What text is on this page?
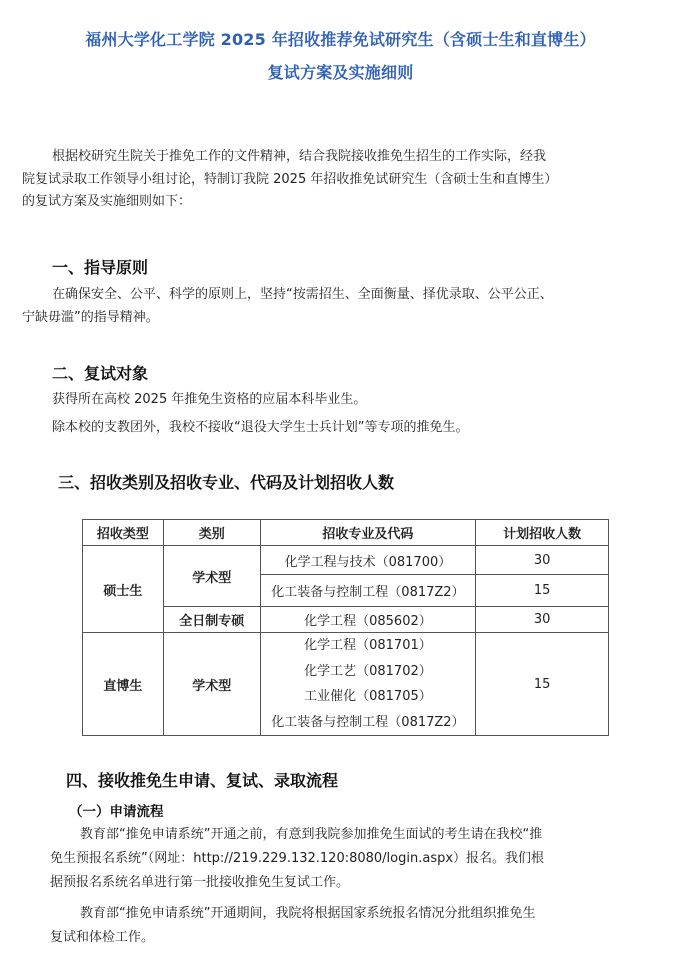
福州大学化工学院 2025 年招收推荐免试研究生（含硕士生和直博生）
复试方案及实施细则
根据校研究生院关于推免工作的文件精神，结合我院接收推免生招生的工作实际，经我
院复试录取工作领导小组讨论，特制订我院 2025 年招收推免试研究生（含硕士生和直博生）
的复试方案及实施细则如下：
一、指导原则
在确保安全、公平、科学的原则上，坚持“按需招生、全面衡量、择优录取、公平公正、
宁缺毋滥”的指导精神。
二、复试对象
获得所在高校 2025 年推免生资格的应届本科毕业生。
除本校的支教团外，我校不接收“退役大学生士兵计划”等专项的推免生。
三、招收类别及招收专业、代码及计划招收人数
招收类型	类别	招收专业及代码	计划招收人数
硕士生	学术型	化学工程与技术（081700）	30
		化工装备与控制工程（0817Z2）	15
	全日制专硕	化学工程（085602）	30
直博生	学术型	化学工程（081701）
化学工艺（081702）
工业催化（081705）
化工装备与控制工程（0817Z2）	15
四、接收推免生申请、复试、录取流程
（一）申请流程
教育部“推免申请系统”开通之前，有意到我院参加推免生面试的考生请在我校“推
免生预报名系统”（网址：http://219.229.132.120:8080/login.aspx）报名。我们根
据预报名系统名单进行第一批接收推免生复试工作。
教育部“推免申请系统”开通期间，我院将根据国家系统报名情况分批组织推免生
复试和体检工作。
